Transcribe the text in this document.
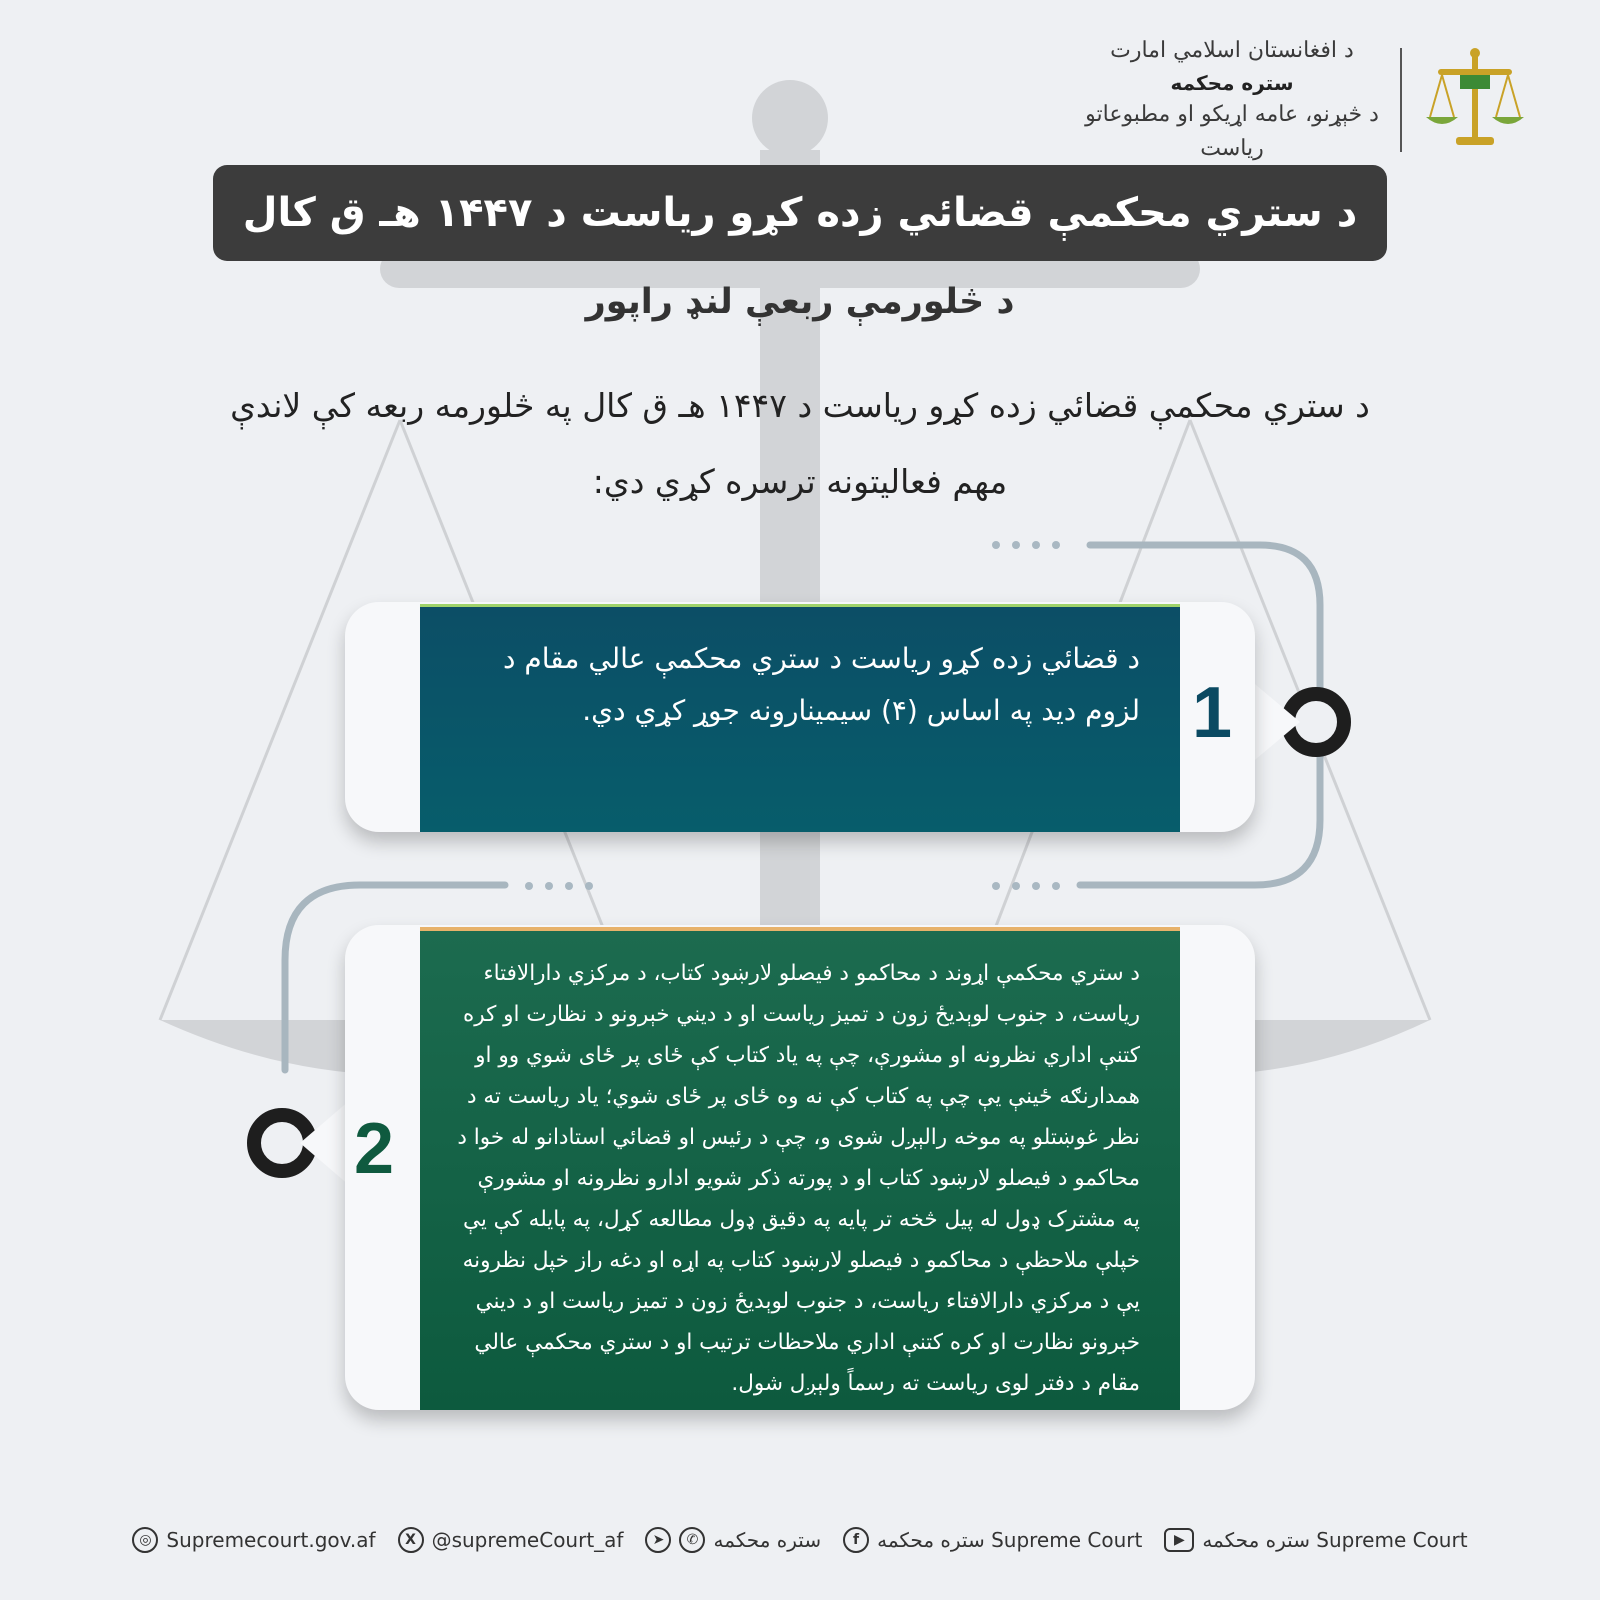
د افغانستان اسلامي امارت
ستره محکمه
د څېړنو، عامه اړیکو او مطبوعاتو ریاست
د ستري محکمې قضائي زده کړو ریاست د ۱۴۴۷ هـ ق کال
د څلورمې ربعې لنډ راپور
د ستري محکمې قضائي زده کړو ریاست د ۱۴۴۷ هـ ق کال په څلورمه ربعه کې لاندې مهم فعالیتونه ترسره کړي دي:
د قضائي زده کړو ریاست د ستري محکمې عالي مقام د لزوم دید په اساس (۴) سیمینارونه جوړ کړي دي. 1
د ستري محکمې اړوند د محاکمو د فیصلو لارښود کتاب، د مرکزي دارالافتاء ریاست، د جنوب لوېدیځ زون د تمیز ریاست او د دیني خېرونو د نظارت او کره کتنې اداري نظرونه او مشورې، چې په یاد کتاب کې ځای پر ځای شوي وو او همدارنګه ځینې یې چې په کتاب کې نه وه ځای پر ځای شوي؛ یاد ریاست ته د نظر غوښتلو په موخه رالېږل شوی و، چې د رئیس او قضائي استادانو له خوا د محاکمو د فیصلو لارښود کتاب او د پورته ذکر شویو ادارو نظرونه او مشورې په مشترک ډول له پیل څخه تر پایه په دقیق ډول مطالعه کړل، په پایله کې یې خپلې ملاحظې د محاکمو د فیصلو لارښود کتاب په اړه او دغه راز خپل نظرونه یې د مرکزي دارالافتاء ریاست، د جنوب لوېدیځ زون د تمیز ریاست او د دیني خېرونو نظارت او کره کتنې اداري ملاحظات ترتیب او د ستري محکمې عالي مقام د دفتر لوی ریاست ته رسماً ولېږل شول.
2
◎ Supremecourt.gov.af	X @supremeCourt_af	➤	✆ ستره محکمه	f ستره محکمه Supreme Court	▶ ستره محکمه Supreme Court
